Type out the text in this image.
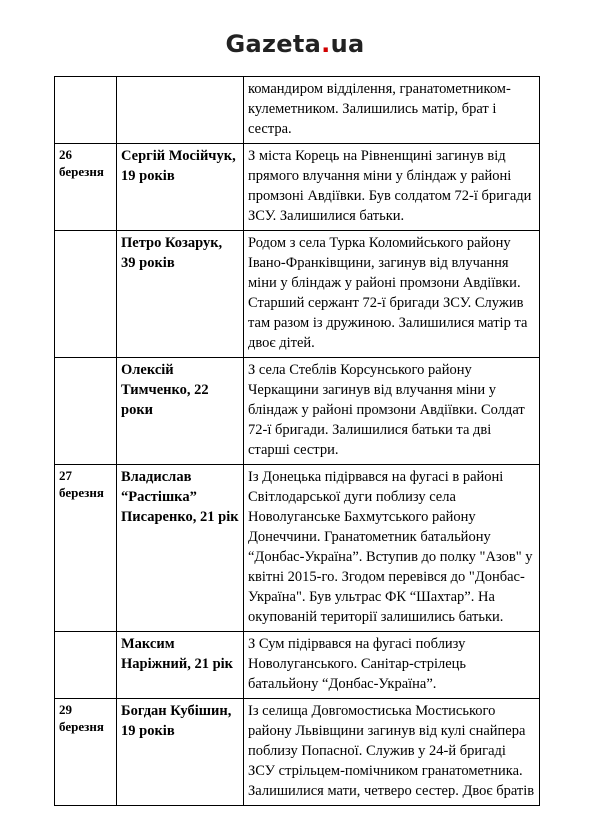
Gazeta.ua

		командиром відділення, гранатометником-кулеметником. Залишились матір, брат і сестра.

26 березня	Сергій Мосійчук, 19 років	З міста Корець на Рівненщині загинув від прямого влучання міни у бліндаж у районі промзоні Авдіївки. Був солдатом 72-ї бригади ЗСУ. Залишилися батьки.

	Петро Козарук, 39 років	Родом з села Турка Коломийського району Івано-Франківщини, загинув від влучання міни у бліндаж у районі промзони Авдіївки. Старший сержант 72-ї бригади ЗСУ. Служив там разом із дружиною. Залишилися матір та двоє дітей.

	Олексій Тимченко, 22 роки	З села Стеблів Корсунського району Черкащини загинув від влучання міни у бліндаж у районі промзони Авдіївки. Солдат 72-ї бригади. Залишилися батьки та дві старші сестри.

27 березня	Владислав “Растішка” Писаренко, 21 рік	Із Донецька підірвався на фугасі в районі Світлодарської дуги поблизу села Новолуганське Бахмутського району Донеччини. Гранатометник батальйону “Донбас-Україна”. Вступив до полку "Азов" у квітні 2015-го. Згодом перевівся до "Донбас-Україна". Був ультрас ФК “Шахтар”. На окупованій території залишились батьки.

	Максим Наріжний, 21 рік	З Сум підірвався на фугасі поблизу Новолуганського. Санітар-стрілець батальйону “Донбас-Україна”.

29 березня	Богдан Кубішин, 19 років	Із селища Довгомостиська Мостиського району Львівщини загинув від кулі снайпера поблизу Попасної. Служив у 24-й бригаді ЗСУ стрільцем-помічником гранатометника. Залишилися мати, четверо сестер. Двоє братів
